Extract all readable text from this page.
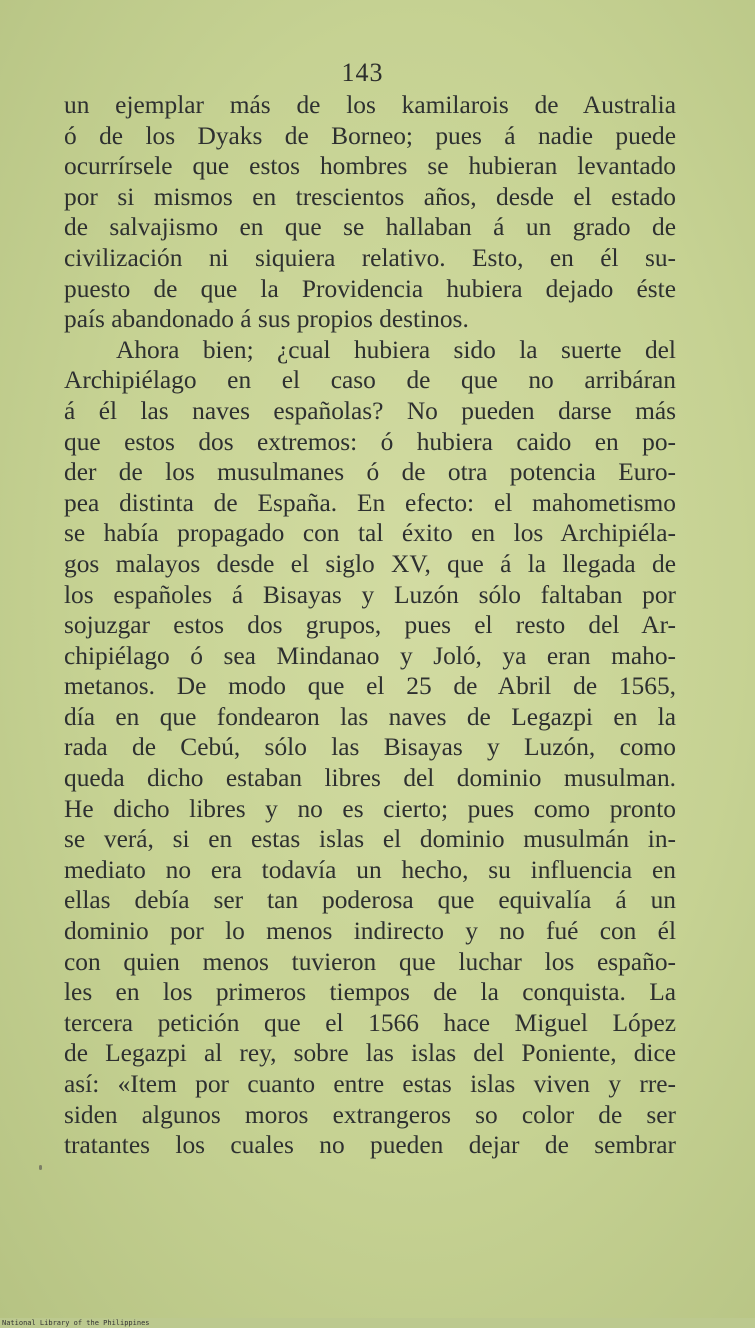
143
un ejemplar más de los kamilarois de Australia
ó de los Dyaks de Borneo; pues á nadie puede
ocurrírsele que estos hombres se hubieran levantado
por si mismos en trescientos años, desde el estado
de salvajismo en que se hallaban á un grado de
civilización ni siquiera relativo. Esto, en él su-
puesto de que la Providencia hubiera dejado éste
país abandonado á sus propios destinos.
Ahora bien; ¿cual hubiera sido la suerte del
Archipiélago en el caso de que no arribáran
á él las naves españolas? No pueden darse más
que estos dos extremos: ó hubiera caido en po-
der de los musulmanes ó de otra potencia Euro-
pea distinta de España. En efecto: el mahometismo
se había propagado con tal éxito en los Archipiéla-
gos malayos desde el siglo XV, que á la llegada de
los españoles á Bisayas y Luzón sólo faltaban por
sojuzgar estos dos grupos, pues el resto del Ar-
chipiélago ó sea Mindanao y Joló, ya eran maho-
metanos. De modo que el 25 de Abril de 1565,
día en que fondearon las naves de Legazpi en la
rada de Cebú, sólo las Bisayas y Luzón, como
queda dicho estaban libres del dominio musulman.
He dicho libres y no es cierto; pues como pronto
se verá, si en estas islas el dominio musulmán in-
mediato no era todavía un hecho, su influencia en
ellas debía ser tan poderosa que equivalía á un
dominio por lo menos indirecto y no fué con él
con quien menos tuvieron que luchar los españo-
les en los primeros tiempos de la conquista. La
tercera petición que el 1566 hace Miguel López
de Legazpi al rey, sobre las islas del Poniente, dice
así: «Item por cuanto entre estas islas viven y rre-
siden algunos moros extrangeros so color de ser
tratantes los cuales no pueden dejar de sembrar
National Library of the Philippines
